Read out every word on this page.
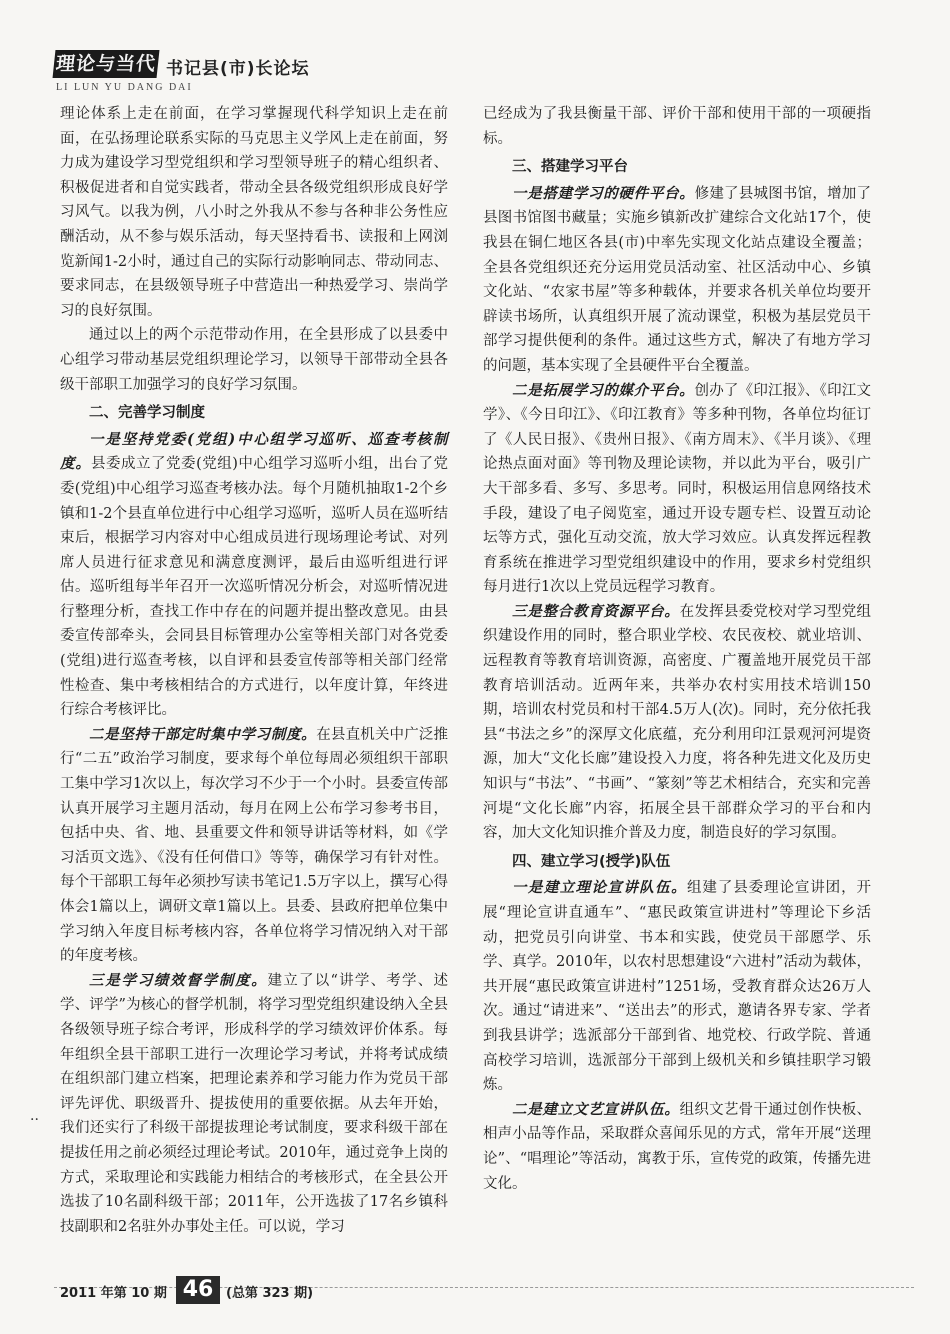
理论与当代 书记县(市)长论坛
LI LUN YU DANG DAI

理论体系上走在前面，在学习掌握现代科学知识上走在前面，在弘扬理论联系实际的马克思主义学风上走在前面，努力成为建设学习型党组织和学习型领导班子的精心组织者、积极促进者和自觉实践者，带动全县各级党组织形成良好学习风气。以我为例，八小时之外我从不参与各种非公务性应酬活动，从不参与娱乐活动，每天坚持看书、读报和上网浏览新闻1-2小时，通过自己的实际行动影响同志、带动同志、要求同志，在县级领导班子中营造出一种热爱学习、崇尚学习的良好氛围。

通过以上的两个示范带动作用，在全县形成了以县委中心组学习带动基层党组织理论学习，以领导干部带动全县各级干部职工加强学习的良好学习氛围。

二、完善学习制度

一是坚持党委(党组)中心组学习巡听、巡查考核制度。县委成立了党委(党组)中心组学习巡听小组，出台了党委(党组)中心组学习巡查考核办法。每个月随机抽取1-2个乡镇和1-2个县直单位进行中心组学习巡听，巡听人员在巡听结束后，根据学习内容对中心组成员进行现场理论考试、对列席人员进行征求意见和满意度测评，最后由巡听组进行评估。巡听组每半年召开一次巡听情况分析会，对巡听情况进行整理分析，查找工作中存在的问题并提出整改意见。由县委宣传部牵头，会同县目标管理办公室等相关部门对各党委(党组)进行巡查考核，以自评和县委宣传部等相关部门经常性检查、集中考核相结合的方式进行，以年度计算，年终进行综合考核评比。

二是坚持干部定时集中学习制度。在县直机关中广泛推行“二五”政治学习制度，要求每个单位每周必须组织干部职工集中学习1次以上，每次学习不少于一个小时。县委宣传部认真开展学习主题月活动，每月在网上公布学习参考书目，包括中央、省、地、县重要文件和领导讲话等材料，如《学习活页文选》、《没有任何借口》等等，确保学习有针对性。每个干部职工每年必须抄写读书笔记1.5万字以上，撰写心得体会1篇以上，调研文章1篇以上。县委、县政府把单位集中学习纳入年度目标考核内容，各单位将学习情况纳入对干部的年度考核。

三是学习绩效督学制度。建立了以“讲学、考学、述学、评学”为核心的督学机制，将学习型党组织建设纳入全县各级领导班子综合考评，形成科学的学习绩效评价体系。每年组织全县干部职工进行一次理论学习考试，并将考试成绩在组织部门建立档案，把理论素养和学习能力作为党员干部评先评优、职级晋升、提拔使用的重要依据。从去年开始，我们还实行了科级干部提拔理论考试制度，要求科级干部在提拔任用之前必须经过理论考试。2010年，通过竞争上岗的方式，采取理论和实践能力相结合的考核形式，在全县公开选拔了10名副科级干部；2011年，公开选拔了17名乡镇科技副职和2名驻外办事处主任。可以说，学习

已经成为了我县衡量干部、评价干部和使用干部的一项硬指标。

三、搭建学习平台

一是搭建学习的硬件平台。修建了县城图书馆，增加了县图书馆图书藏量；实施乡镇新改扩建综合文化站17个，使我县在铜仁地区各县(市)中率先实现文化站点建设全覆盖；全县各党组织还充分运用党员活动室、社区活动中心、乡镇文化站、“农家书屋”等多种载体，并要求各机关单位均要开辟读书场所，认真组织开展了流动课堂，积极为基层党员干部学习提供便利的条件。通过这些方式，解决了有地方学习的问题，基本实现了全县硬件平台全覆盖。

二是拓展学习的媒介平台。创办了《印江报》、《印江文学》、《今日印江》、《印江教育》等多种刊物，各单位均征订了《人民日报》、《贵州日报》、《南方周末》、《半月谈》、《理论热点面对面》等刊物及理论读物，并以此为平台，吸引广大干部多看、多写、多思考。同时，积极运用信息网络技术手段，建设了电子阅览室，通过开设专题专栏、设置互动论坛等方式，强化互动交流，放大学习效应。认真发挥远程教育系统在推进学习型党组织建设中的作用，要求乡村党组织每月进行1次以上党员远程学习教育。

三是整合教育资源平台。在发挥县委党校对学习型党组织建设作用的同时，整合职业学校、农民夜校、就业培训、远程教育等教育培训资源，高密度、广覆盖地开展党员干部教育培训活动。近两年来，共举办农村实用技术培训150期，培训农村党员和村干部4.5万人(次)。同时，充分依托我县“书法之乡”的深厚文化底蕴，充分利用印江景观河河堤资源，加大“文化长廊”建设投入力度，将各种先进文化及历史知识与“书法”、“书画”、“篆刻”等艺术相结合，充实和完善河堤“文化长廊”内容，拓展全县干部群众学习的平台和内容，加大文化知识推介普及力度，制造良好的学习氛围。

四、建立学习(授学)队伍

一是建立理论宣讲队伍。组建了县委理论宣讲团，开展“理论宣讲直通车”、“惠民政策宣讲进村”等理论下乡活动，把党员引向讲堂、书本和实践，使党员干部愿学、乐学、真学。2010年，以农村思想建设“六进村”活动为载体，共开展“惠民政策宣讲进村”1251场，受教育群众达26万人次。通过“请进来”、“送出去”的形式，邀请各界专家、学者到我县讲学；选派部分干部到省、地党校、行政学院、普通高校学习培训，选派部分干部到上级机关和乡镇挂职学习锻炼。

二是建立文艺宣讲队伍。组织文艺骨干通过创作快板、相声小品等作品，采取群众喜闻乐见的方式，常年开展“送理论”、“唱理论”等活动，寓教于乐，宣传党的政策，传播先进文化。

··
2011 年第 10 期 46 (总第 323 期)
